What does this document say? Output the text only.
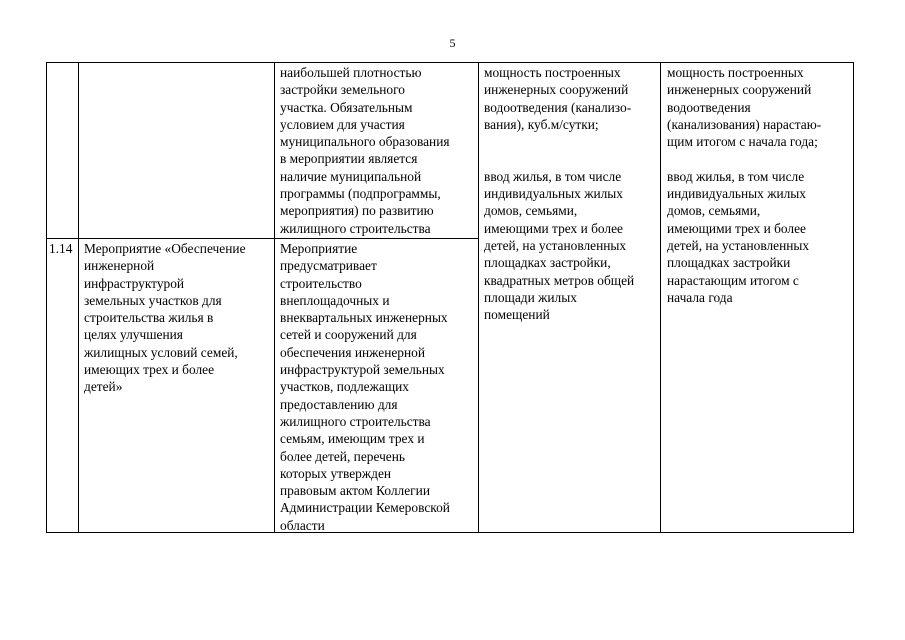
5
наибольшей плотностью
застройки земельного
участка. Обязательным
условием для участия
муниципального образования
в мероприятии является
наличие муниципальной
программы (подпрограммы,
мероприятия) по развитию
жилищного строительства
мощность построенных
инженерных сооружений
водоотведения (канализо-
вания), куб.м/сутки;

ввод жилья, в том числе
индивидуальных жилых
домов, семьями,
имеющими трех и более
детей, на установленных
площадках застройки,
квадратных метров общей
площади жилых
помещений
мощность построенных
инженерных сооружений
водоотведения
(канализования) нарастаю-
щим итогом с начала года;

ввод жилья, в том числе
индивидуальных жилых
домов, семьями,
имеющими трех и более
детей, на установленных
площадках застройки
нарастающим итогом с
начала года
1.14 Мероприятие «Обеспечение
инженерной
инфраструктурой
земельных участков для
строительства жилья в
целях улучшения
жилищных условий семей,
имеющих трех и более
детей»
Мероприятие
предусматривает
строительство
внеплощадочных и
внеквартальных инженерных
сетей и сооружений для
обеспечения инженерной
инфраструктурой земельных
участков, подлежащих
предоставлению для
жилищного строительства
семьям, имеющим трех и
более детей, перечень
которых утвержден
правовым актом Коллегии
Администрации Кемеровской
области
